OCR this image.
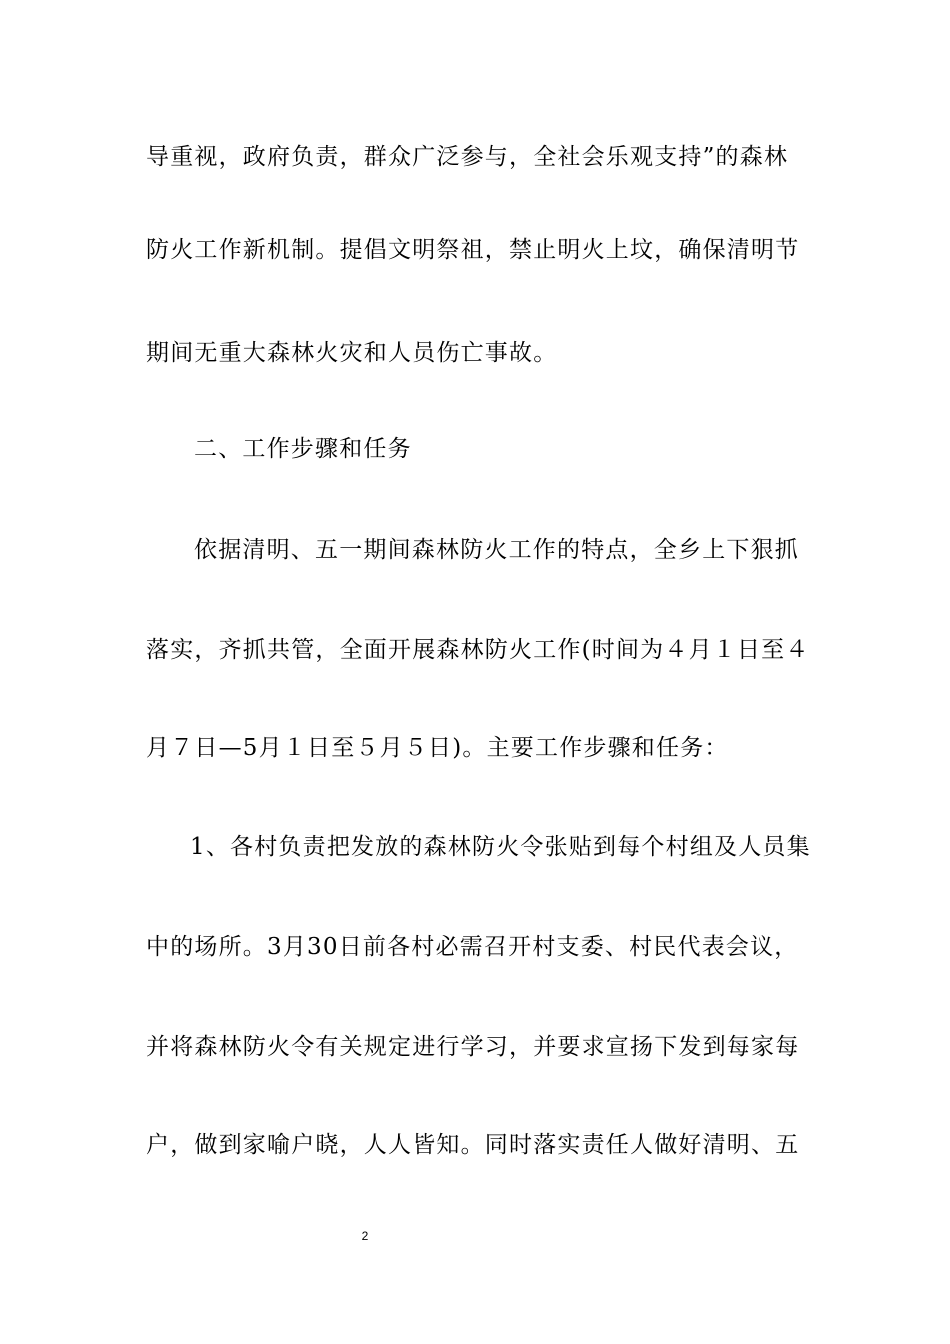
导重视，政府负责，群众广泛参与，全社会乐观支持”的森林
防火工作新机制。提倡文明祭祖，禁止明火上坟，确保清明节
期间无重大森林火灾和人员伤亡事故。
二、工作步骤和任务
依据清明、五一期间森林防火工作的特点，全乡上下狠抓
落实，齐抓共管，全面开展森林防火工作(时间为４月１日至４
月７日—5月１日至５月５日)。主要工作步骤和任务：
1、各村负责把发放的森林防火令张贴到每个村组及人员集
中的场所。3月30日前各村必需召开村支委、村民代表会议，
并将森林防火令有关规定进行学习，并要求宣扬下发到每家每
户，做到家喻户晓，人人皆知。同时落实责任人做好清明、五
2
